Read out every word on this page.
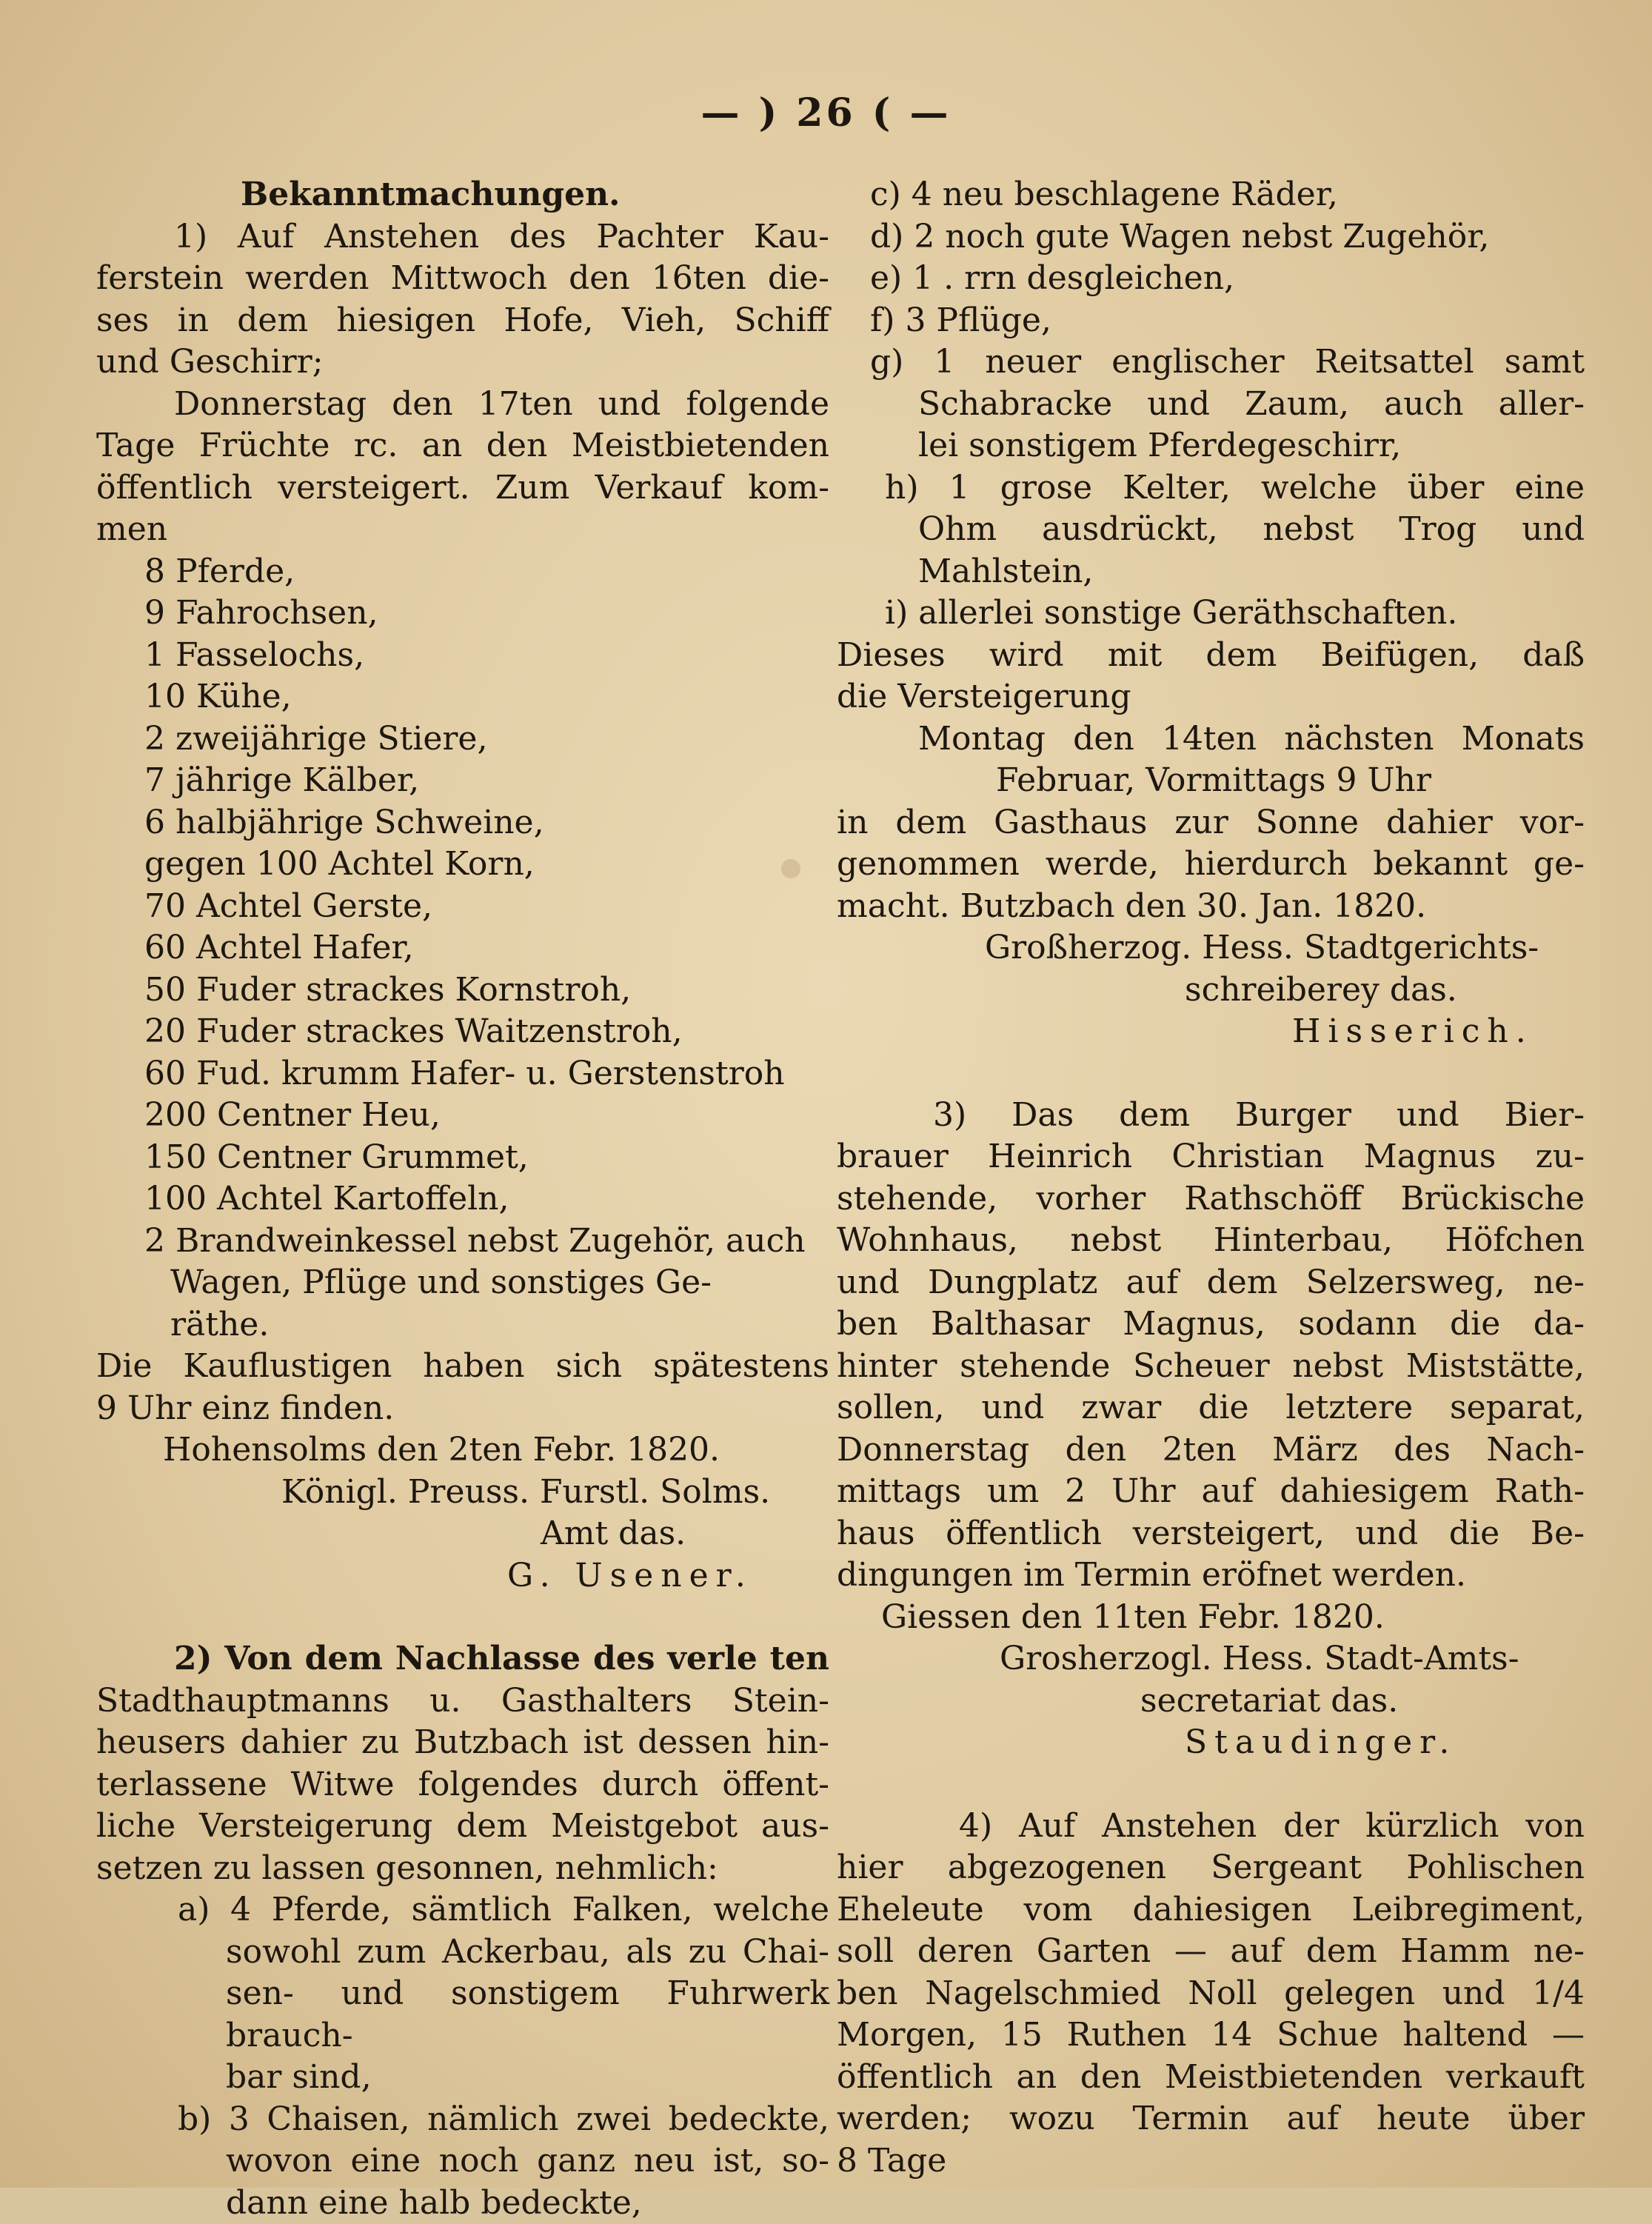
— ) 26 ( —

Bekanntmachungen.

1) Auf Anstehen des Pachter Kau-

ferstein werden Mittwoch den 16ten die-

ses in dem hiesigen Hofe, Vieh, Schiff

und Geschirr;

Donnerstag den 17ten und folgende

Tage Früchte rc. an den Meistbietenden

öffentlich versteigert. Zum Verkauf kom-

men

8 Pferde,

9 Fahrochsen,

1 Fasselochs,

10 Kühe,

2 zweijährige Stiere,

7 jährige Kälber,

6 halbjährige Schweine,

gegen 100 Achtel Korn,

70 Achtel Gerste,

60 Achtel Hafer,

50 Fuder strackes Kornstroh,

20 Fuder strackes Waitzenstroh,

60 Fud. krumm Hafer- u. Gerstenstroh

200 Centner Heu,

150 Centner Grummet,

100 Achtel Kartoffeln,

2 Brandweinkessel nebst Zugehör, auch

Wagen, Pflüge und sonstiges Ge-

räthe.

Die Kauflustigen haben sich spätestens

9 Uhr einz finden.

Hohensolms den 2ten Febr. 1820.

Königl. Preuss. Furstl. Solms.

Amt das.

G. Usener.

2) Von dem Nachlasse des verle ten

Stadthauptmanns u. Gasthalters Stein-

heusers dahier zu Butzbach ist dessen hin-

terlassene Witwe folgendes durch öffent-

liche Versteigerung dem Meistgebot aus-

setzen zu lassen gesonnen, nehmlich:

a) 4 Pferde, sämtlich Falken, welche

sowohl zum Ackerbau, als zu Chai-

sen- und sonstigem Fuhrwerk brauch-

bar sind,

b) 3 Chaisen, nämlich zwei bedeckte,

wovon eine noch ganz neu ist, so-

dann eine halb bedeckte,

c) 4 neu beschlagene Räder,

d) 2 noch gute Wagen nebst Zugehör,

e) 1 . rrn desgleichen,

f) 3 Pflüge,

g) 1 neuer englischer Reitsattel samt

Schabracke und Zaum, auch aller-

lei sonstigem Pferdegeschirr,

h) 1 grose Kelter, welche über eine

Ohm ausdrückt, nebst Trog und

Mahlstein,

i) allerlei sonstige Geräthschaften.

Dieses wird mit dem Beifügen, daß

die Versteigerung

Montag den 14ten nächsten Monats

Februar, Vormittags 9 Uhr

in dem Gasthaus zur Sonne dahier vor-

genommen werde, hierdurch bekannt ge-

macht. Butzbach den 30. Jan. 1820.

Großherzog. Hess. Stadtgerichts-

schreiberey das.

Hisserich.

3) Das dem Burger und Bier-

brauer Heinrich Christian Magnus zu-

stehende, vorher Rathschöff Brückische

Wohnhaus, nebst Hinterbau, Höfchen

und Dungplatz auf dem Selzersweg, ne-

ben Balthasar Magnus, sodann die da-

hinter stehende Scheuer nebst Miststätte,

sollen, und zwar die letztere separat,

Donnerstag den 2ten März des Nach-

mittags um 2 Uhr auf dahiesigem Rath-

haus öffentlich versteigert, und die Be-

dingungen im Termin eröfnet werden.

Giessen den 11ten Febr. 1820.

Grosherzogl. Hess. Stadt-Amts-

secretariat das.

Staudinger.

4) Auf Anstehen der kürzlich von

hier abgezogenen Sergeant Pohlischen

Eheleute vom dahiesigen Leibregiment,

soll deren Garten — auf dem Hamm ne-

ben Nagelschmied Noll gelegen und 1/4

Morgen, 15 Ruthen 14 Schue haltend —

öffentlich an den Meistbietenden verkauft

werden; wozu Termin auf heute über

8 Tage
